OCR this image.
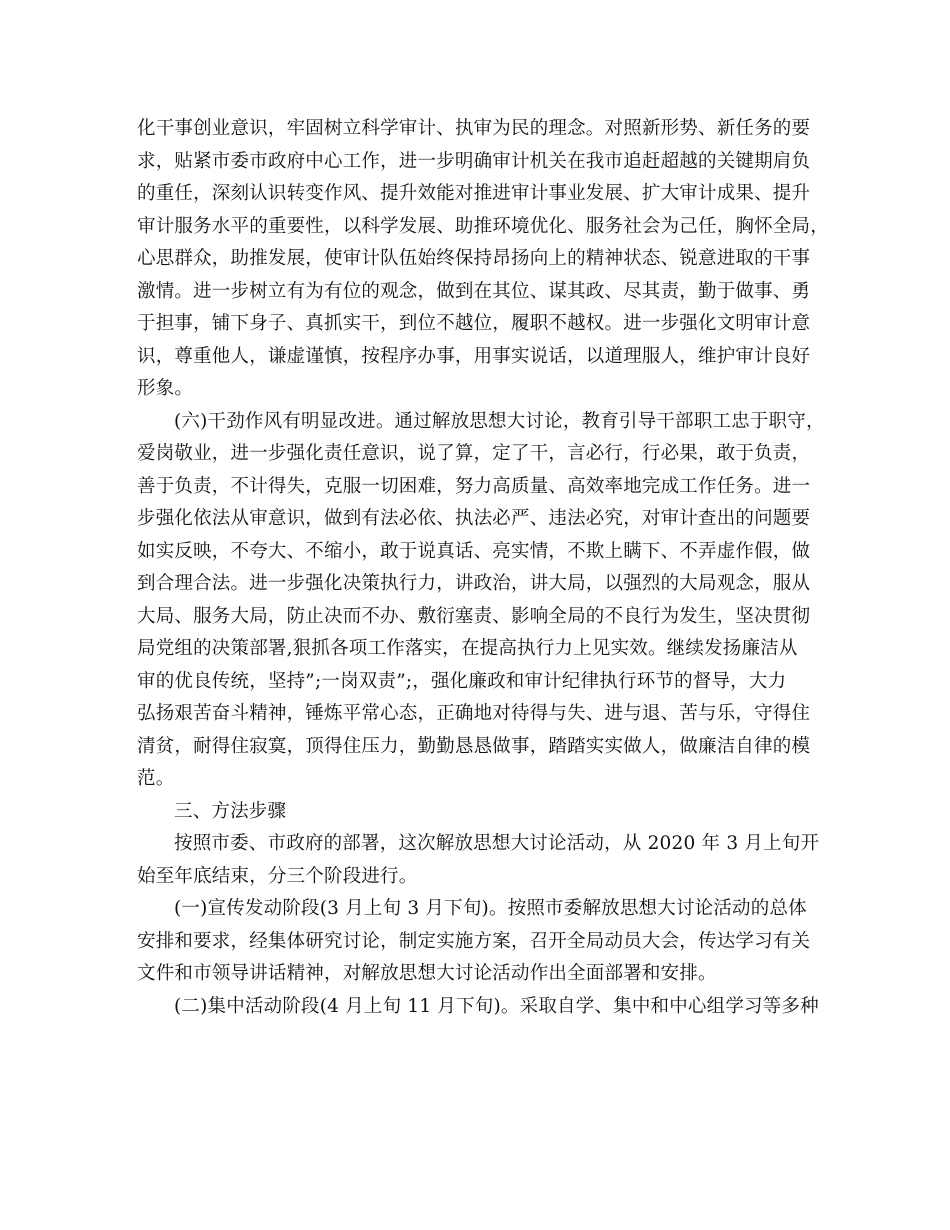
化干事创业意识，牢固树立科学审计、执审为民的理念。对照新形势、新任务的要
求，贴紧市委市政府中心工作，进一步明确审计机关在我市追赶超越的关键期肩负
的重任，深刻认识转变作风、提升效能对推进审计事业发展、扩大审计成果、提升
审计服务水平的重要性，以科学发展、助推环境优化、服务社会为己任，胸怀全局，
心思群众，助推发展，使审计队伍始终保持昂扬向上的精神状态、锐意进取的干事
激情。进一步树立有为有位的观念，做到在其位、谋其政、尽其责，勤于做事、勇
于担事，铺下身子、真抓实干，到位不越位，履职不越权。进一步强化文明审计意
识，尊重他人，谦虚谨慎，按程序办事，用事实说话，以道理服人，维护审计良好
形象。
(六)干劲作风有明显改进。通过解放思想大讨论，教育引导干部职工忠于职守，
爱岗敬业，进一步强化责任意识，说了算，定了干，言必行，行必果，敢于负责，
善于负责，不计得失，克服一切困难，努力高质量、高效率地完成工作任务。进一
步强化依法从审意识，做到有法必依、执法必严、违法必究，对审计查出的问题要
如实反映，不夸大、不缩小，敢于说真话、亮实情，不欺上瞒下、不弄虚作假，做
到合理合法。进一步强化决策执行力，讲政治，讲大局，以强烈的大局观念，服从
大局、服务大局，防止决而不办、敷衍塞责、影响全局的不良行为发生，坚决贯彻
局党组的决策部署,狠抓各项工作落实，在提高执行力上见实效。继续发扬廉洁从
审的优良传统，坚持”;一岗双责”;，强化廉政和审计纪律执行环节的督导，大力
弘扬艰苦奋斗精神，锤炼平常心态，正确地对待得与失、进与退、苦与乐，守得住
清贫，耐得住寂寞，顶得住压力，勤勤恳恳做事，踏踏实实做人，做廉洁自律的模
范。
三、方法步骤
按照市委、市政府的部署，这次解放思想大讨论活动，从 2020 年 3 月上旬开
始至年底结束，分三个阶段进行。
(一)宣传发动阶段(3 月上旬 3 月下旬)。按照市委解放思想大讨论活动的总体
安排和要求，经集体研究讨论，制定实施方案，召开全局动员大会，传达学习有关
文件和市领导讲话精神，对解放思想大讨论活动作出全面部署和安排。
(二)集中活动阶段(4 月上旬 11 月下旬)。采取自学、集中和中心组学习等多种
